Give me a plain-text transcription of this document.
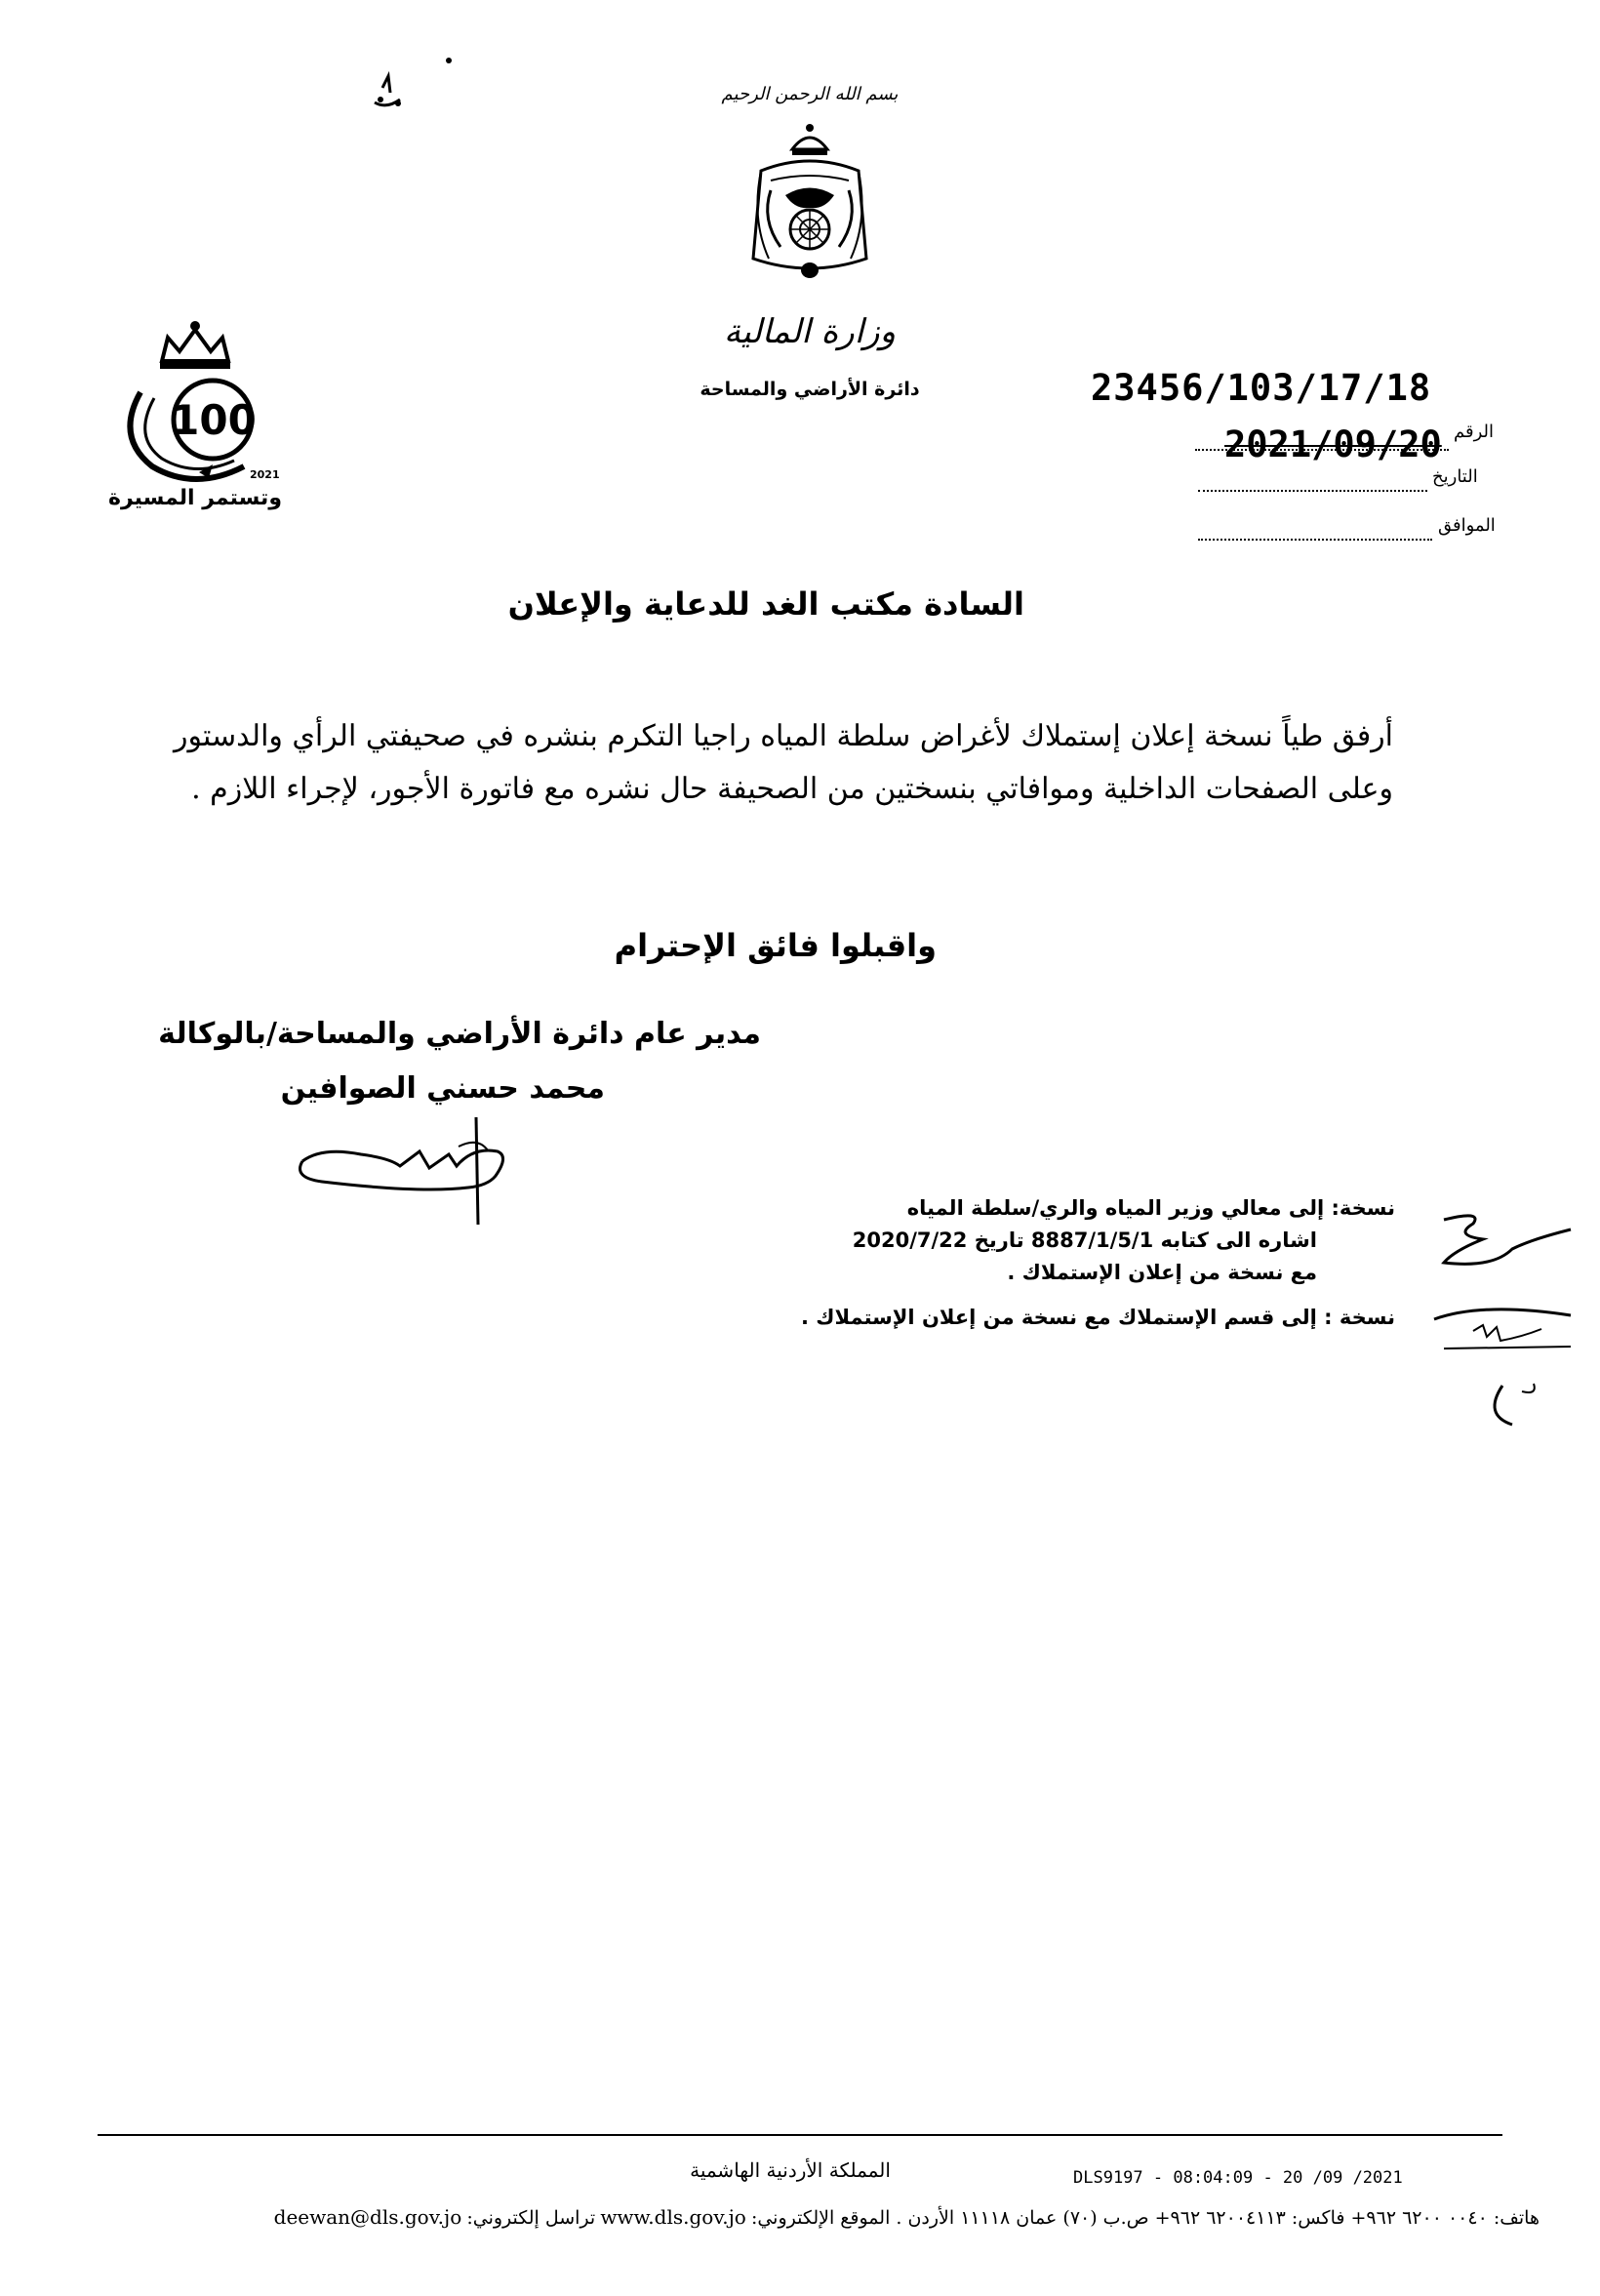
بسم الله الرحمن الرحيم
وزارة المالية
دائرة الأراضي والمساحة
100
2021
وتستمر المسيرة
23456/103/17/18
الرقم
2021/09/20
التاريخ
الموافق
السادة مكتب الغد للدعاية والإعلان
أرفق طياً نسخة إعلان إستملاك لأغراض سلطة المياه راجيا التكرم بنشره في صحيفتي الرأي والدستور وعلى الصفحات الداخلية وموافاتي بنسختين من الصحيفة حال نشره مع فاتورة الأجور، لإجراء اللازم .
واقبلوا فائق الإحترام
مدير عام دائرة الأراضي والمساحة/بالوكالة
محمد حسني الصوافين
نسخة: إلى معالي وزير المياه والري/سلطة المياه
اشاره الى كتابه 8887/1/5/1 تاريخ 2020/7/22
مع نسخة من إعلان الإستملاك .
نسخة : إلى قسم الإستملاك مع نسخة من إعلان الإستملاك .
المملكة الأردنية الهاشمية	DLS9197 - 08:04:09 - 20 /09 /2021
deewan@dls.gov.jo تراسل إلكتروني: www.dls.gov.jo هاتف: ٠٠٤٠ ٦٢٠٠ ٩٦٢+ فاكس: ٦٢٠٠٤١١٣ ٩٦٢+ ص.ب (٧٠) عمان ١١١١٨ الأردن . الموقع الإلكتروني:
